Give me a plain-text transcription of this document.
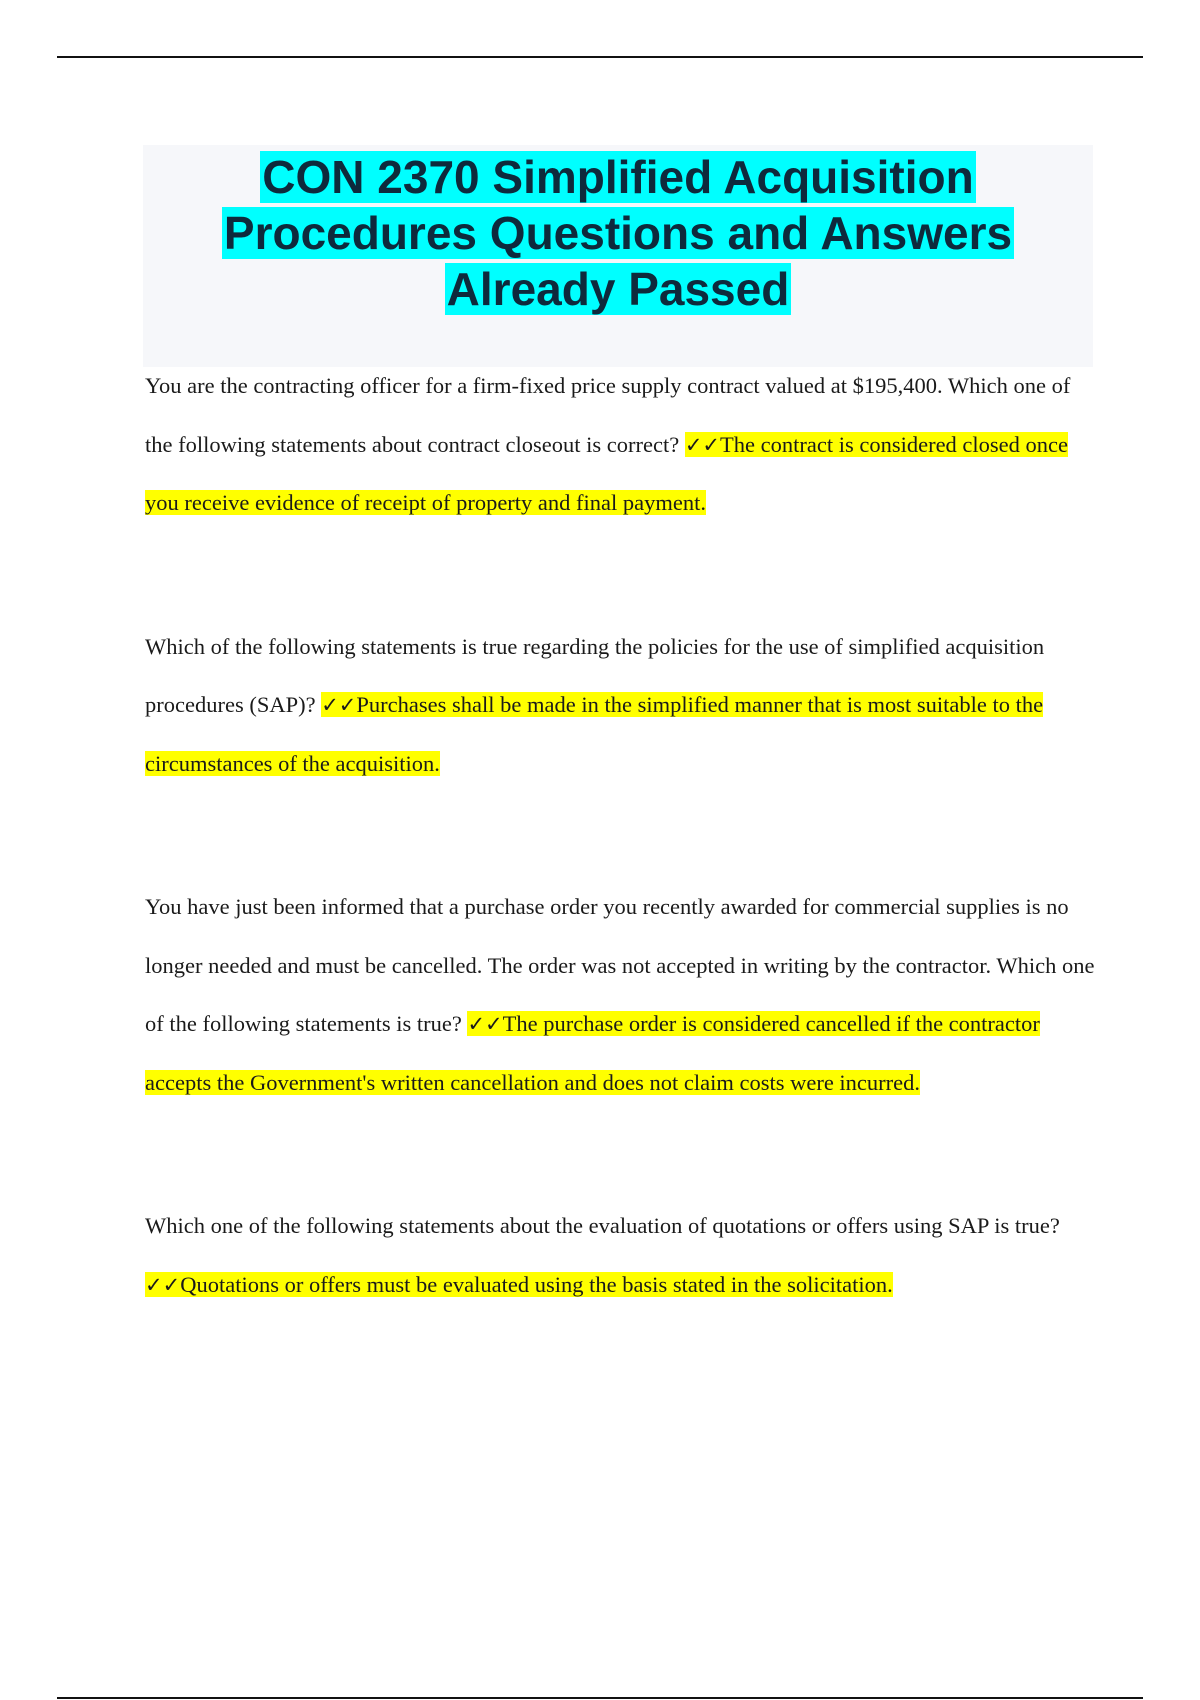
CON 2370 Simplified Acquisition
Procedures Questions and Answers
Already Passed

You are the contracting officer for a firm-fixed price supply contract valued at $195,400. Which one of the following statements about contract closeout is correct? ✓✓The contract is considered closed once you receive evidence of receipt of property and final payment.

Which of the following statements is true regarding the policies for the use of simplified acquisition procedures (SAP)? ✓✓Purchases shall be made in the simplified manner that is most suitable to the circumstances of the acquisition.

You have just been informed that a purchase order you recently awarded for commercial supplies is no longer needed and must be cancelled. The order was not accepted in writing by the contractor. Which one of the following statements is true? ✓✓The purchase order is considered cancelled if the contractor accepts the Government's written cancellation and does not claim costs were incurred.

Which one of the following statements about the evaluation of quotations or offers using SAP is true? ✓✓Quotations or offers must be evaluated using the basis stated in the solicitation.
